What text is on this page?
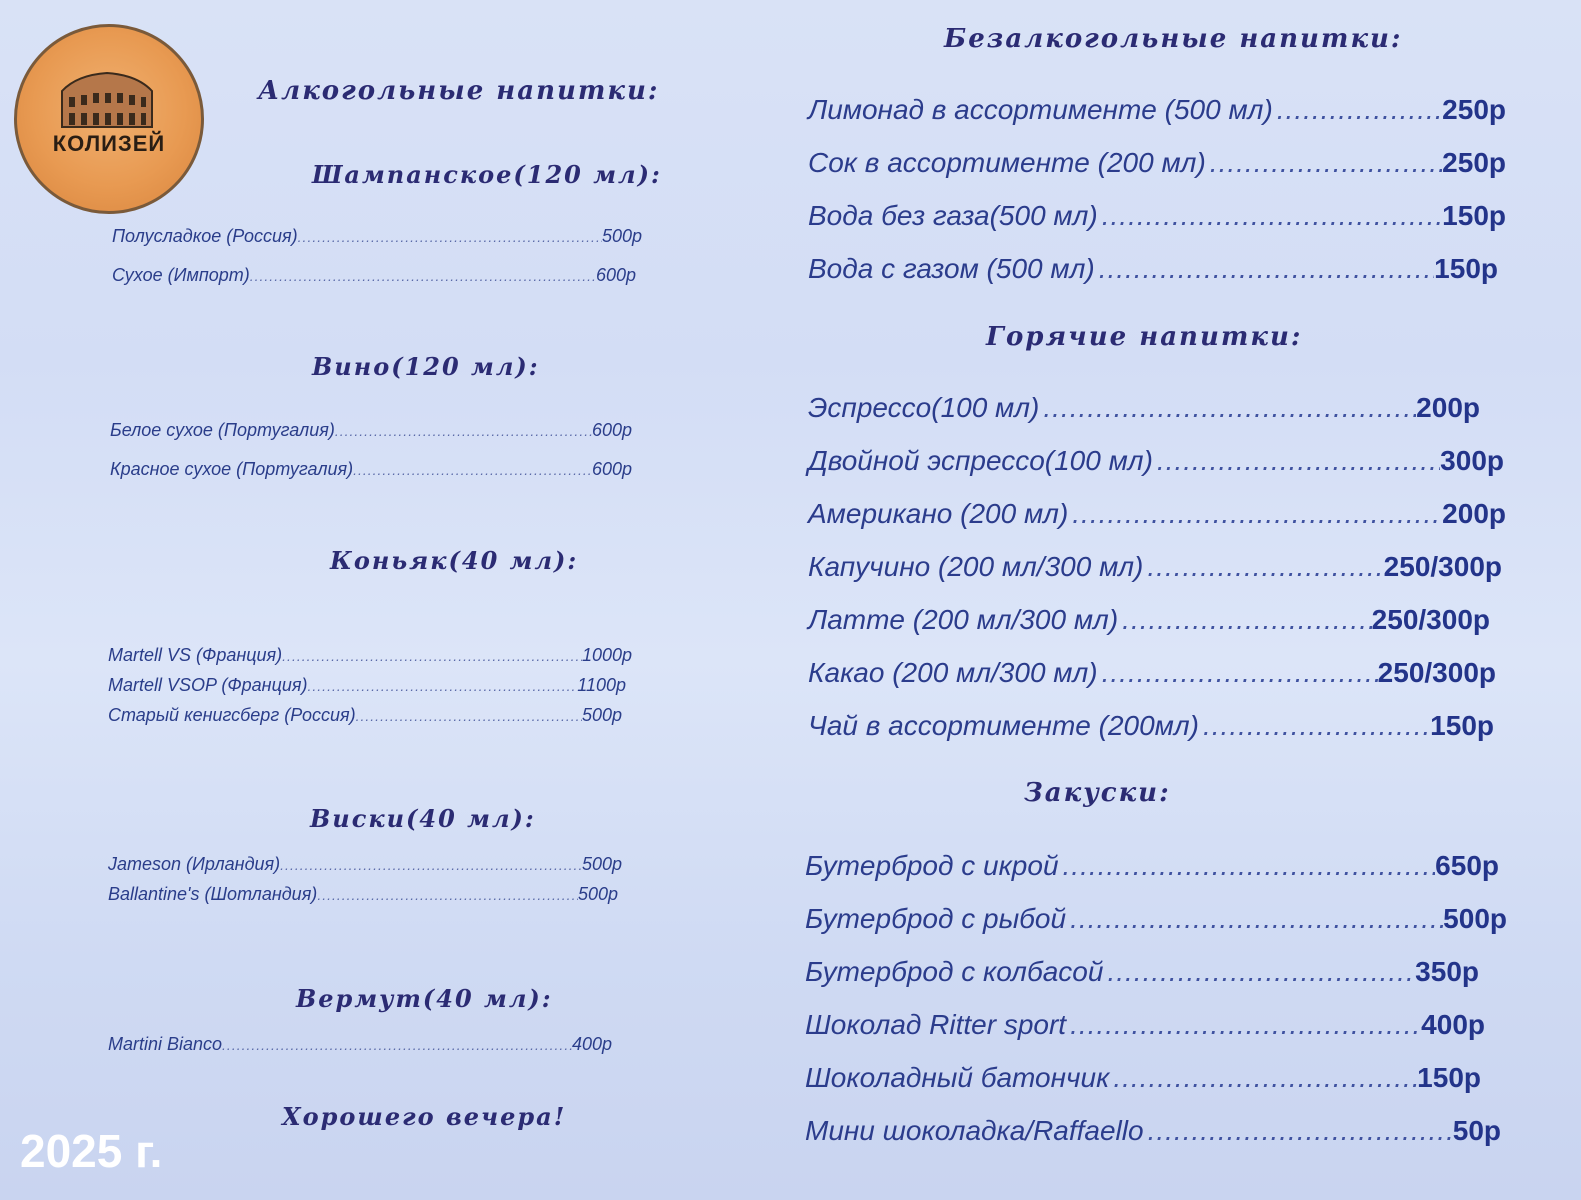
КОЛИЗЕЙ
Алкогольные напитки:
Шампанское(120 мл):
Полусладкое (Россия) .....	500р
Сухое (Импорт) .....	600р
Вино(120 мл):
Белое сухое (Португалия) .....	600р
Красное сухое (Португалия) .....	600р
Коньяк(40 мл):
Martell VS (Франция) .....	1000р
Martell VSOP (Франция) .....	1100р
Старый кенигсберг (Россия) .....	500р
Виски(40 мл):
Jameson (Ирландия) .....	500р
Ballantine's (Шотландия) .....	500р
Вермут(40 мл):
Martini Bianco .....	400р
Хорошего вечера!
Безалкогольные напитки:
Лимонад в ассортименте (500 мл) .....	250р
Сок в ассортименте (200 мл) .....	250р
Вода без газа(500 мл) .....	150р
Вода с газом (500 мл) .....	150р
Горячие напитки:
Эспрессо(100 мл) .....	200р
Двойной эспрессо(100 мл) .....	300р
Американо (200 мл) .....	200р
Капучино (200 мл/300 мл) .....	250/300р
Латте (200 мл/300 мл) .....	250/300р
Какао (200 мл/300 мл) .....	250/300р
Чай в ассортименте (200мл) .....	150р
Закуски:
Бутерброд с икрой .....	650р
Бутерброд с рыбой .....	500р
Бутерброд с колбасой .....	350р
Шоколад Ritter sport .....	400р
Шоколадный батончик .....	150р
Мини шоколадка/Raffaello .....	50р
2025 г.
